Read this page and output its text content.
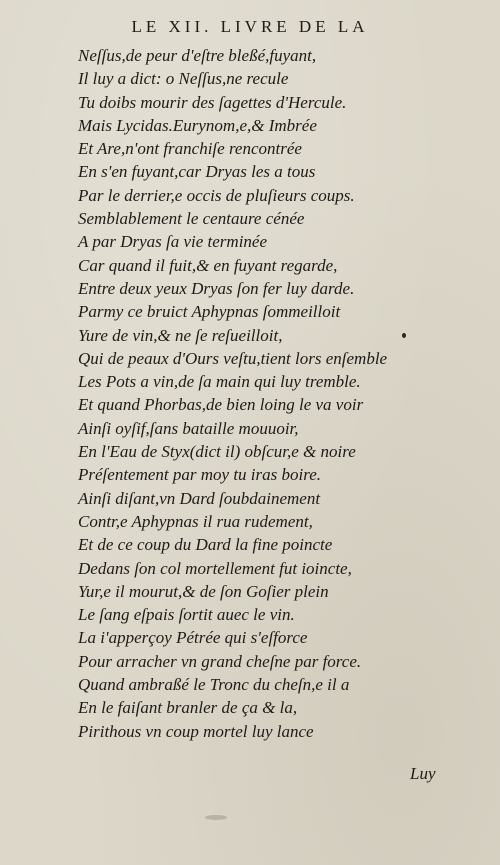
LE XII. LIVRE DE LA
Neſſus,de peur d'eſtre bleßé,fuyant,
Il luy a dict: o Neſſus,ne recule
Tu doibs mourir des ſagettes d'Hercule.
Mais Lycidas.Eurynom,e,& Imbrée
Et Are,n'ont franchiſe rencontrée
En s'en fuyant,car Dryas les a tous
Par le derrier,e occis de pluſieurs coups.
Semblablement le centaure cénée
A par Dryas ſa vie terminée
Car quand il fuit,& en fuyant regarde,
Entre deux yeux Dryas ſon fer luy darde.
Parmy ce bruict Aphypnas ſommeilloit
Yure de vin,& ne ſe reſueilloit,
Qui de peaux d'Ours veſtu,tient lors enſemble
Les Pots a vin,de ſa main qui luy tremble.
Et quand Phorbas,de bien loing le va voir
Ainſi oyſif,ſans bataille mouuoir,
En l'Eau de Styx(dict il) obſcur,e & noire
Préſentement par moy tu iras boire.
Ainſi diſant,vn Dard ſoubdainement
Contr,e Aphypnas il rua rudement,
Et de ce coup du Dard la fine poincte
Dedans ſon col mortellement fut ioincte,
Yur,e il mourut,& de ſon Goſier plein
Le ſang eſpais ſortit auec le vin.
La i'apperçoy Pétrée qui s'eſforce
Pour arracher vn grand cheſne par force.
Quand ambraßé le Tronc du cheſn,e il a
En le faiſant branler de ça & la,
Pirithous vn coup mortel luy lance
Luy
